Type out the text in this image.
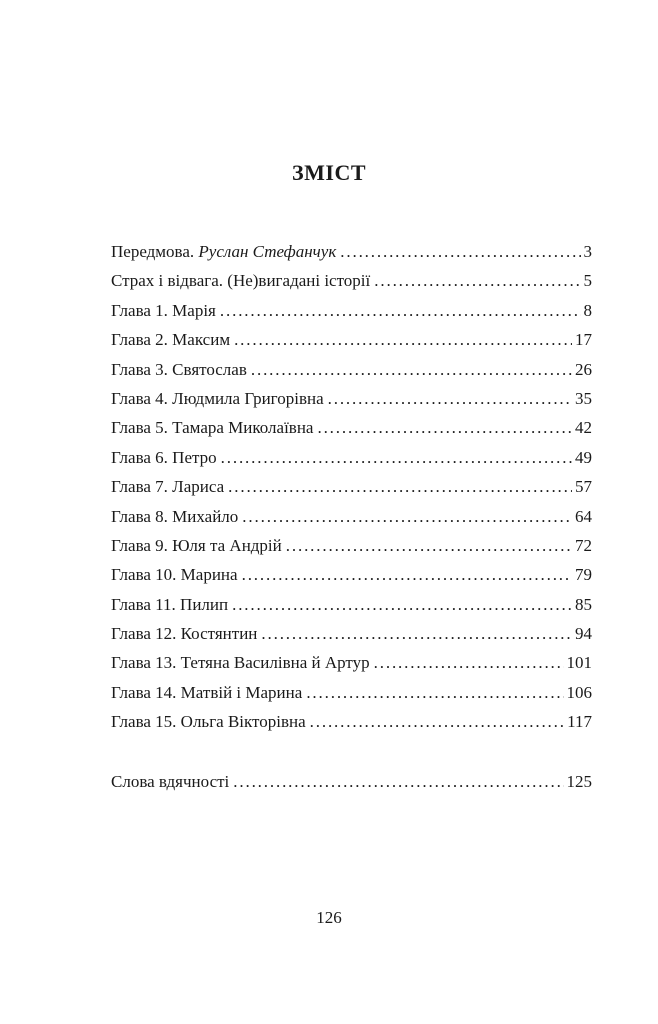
ЗМІСТ
Передмова. Руслан Стефанчук . . .	3
Страх і відвага. (Не)вигадані історії . . .	5
Глава 1. Марія . . .	8
Глава 2. Максим . . .	17
Глава 3. Святослав . . .	26
Глава 4. Людмила Григорівна . . .	35
Глава 5. Тамара Миколаївна . . .	42
Глава 6. Петро . . .	49
Глава 7. Лариса . . .	57
Глава 8. Михайло . . .	64
Глава 9. Юля та Андрій . . .	72
Глава 10. Марина . . .	79
Глава 11. Пилип . . .	85
Глава 12. Костянтин . . .	94
Глава 13. Тетяна Василівна й Артур . . .	101
Глава 14. Матвій і Марина . . .	106
Глава 15. Ольга Вікторівна . . .	117
Слова вдячності . . .	125
126
